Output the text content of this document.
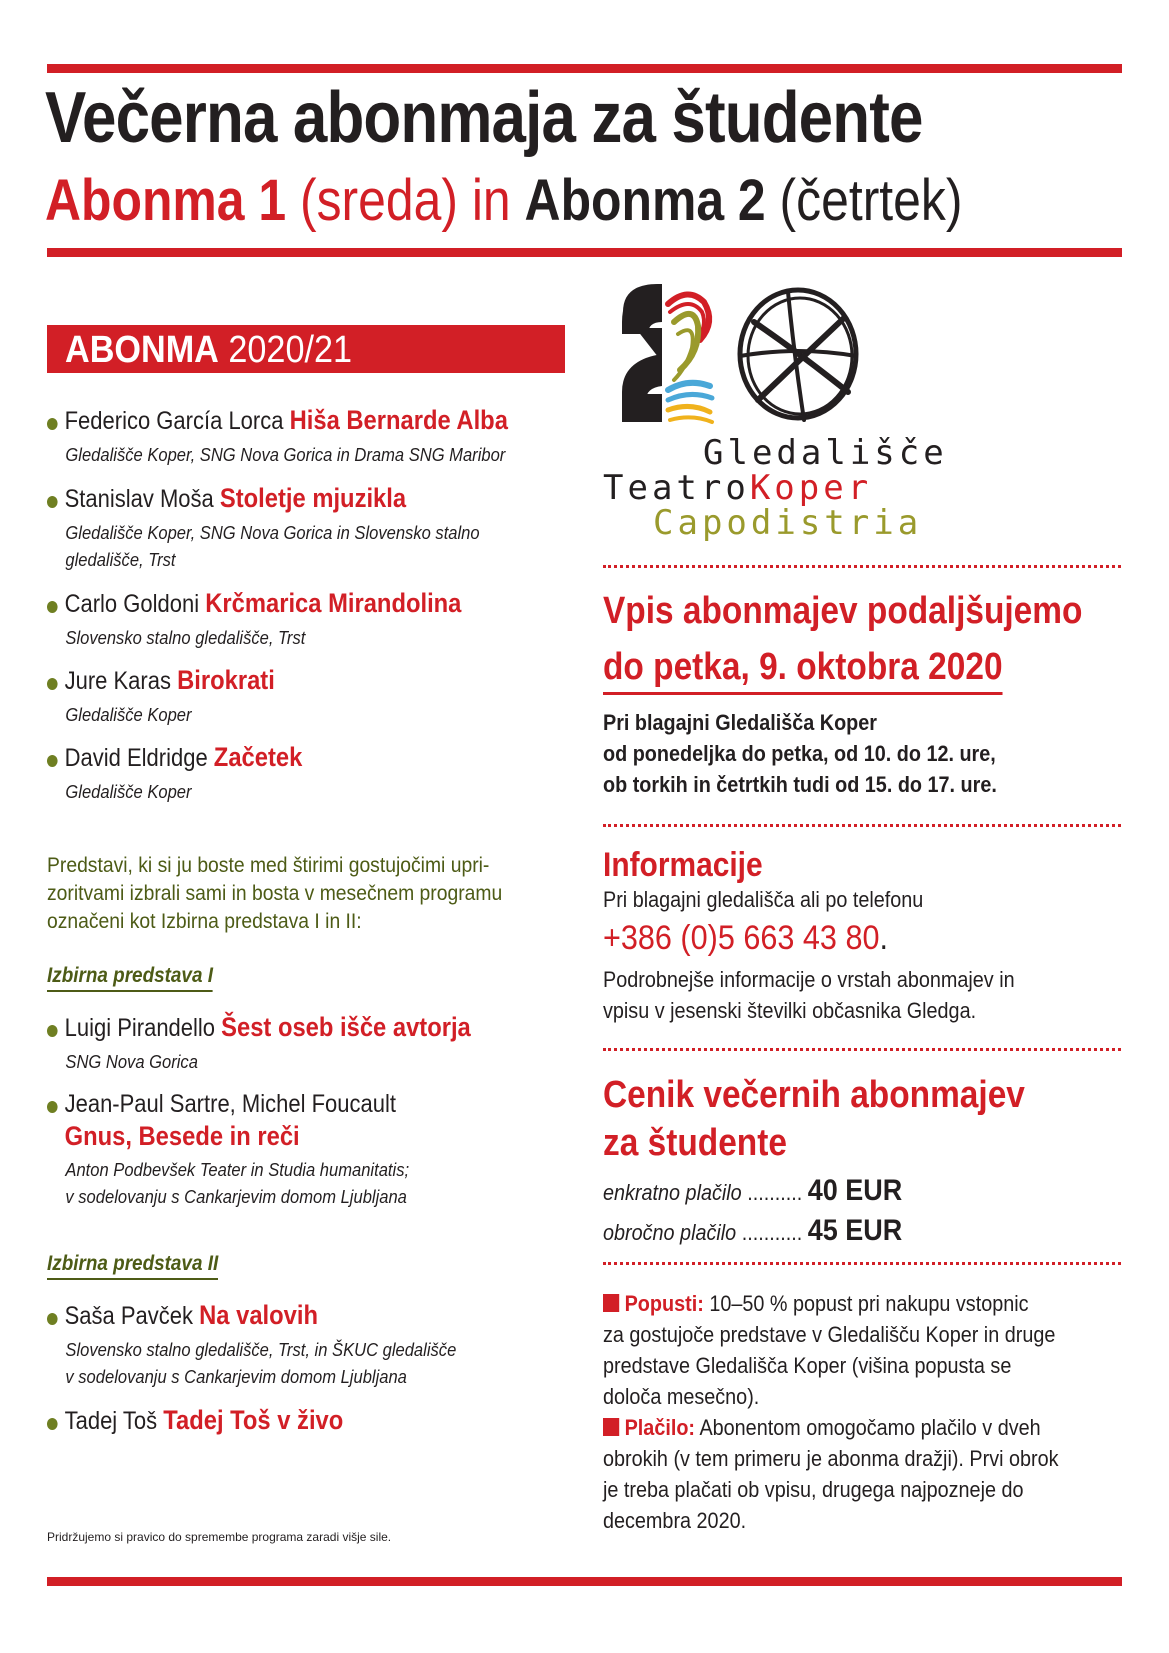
Večerna abonmaja za študente
Abonma 1 (sreda) in Abonma 2 (četrtek)
ABONMA 2020/21
Federico García Lorca Hiša Bernarde Alba
Gledališče Koper, SNG Nova Gorica in Drama SNG Maribor
Stanislav Moša Stoletje mjuzikla
Gledališče Koper, SNG Nova Gorica in Slovensko stalno
gledališče, Trst
Carlo Goldoni Krčmarica Mirandolina
Slovensko stalno gledališče, Trst
Jure Karas Birokrati
Gledališče Koper
David Eldridge Začetek
Gledališče Koper
Predstavi, ki si ju boste med štirimi gostujočimi upri-
zoritvami izbrali sami in bosta v mesečnem programu
označeni kot Izbirna predstava I in II:
Izbirna predstava I
Luigi Pirandello Šest oseb išče avtorja
SNG Nova Gorica
Jean-Paul Sartre, Michel Foucault
Gnus, Besede in reči
Anton Podbevšek Teater in Studia humanitatis;
v sodelovanju s Cankarjevim domom Ljubljana
Izbirna predstava II
Saša Pavček Na valovih
Slovensko stalno gledališče, Trst, in ŠKUC gledališče
v sodelovanju s Cankarjevim domom Ljubljana
Tadej Toš Tadej Toš v živo
Pridržujemo si pravico do spremembe programa zaradi višje sile.
Gledališče
TeatroKoper
Capodistria
Vpis abonmajev podaljšujemo
do petka, 9. oktobra 2020
Pri blagajni Gledališča Koper
od ponedeljka do petka, od 10. do 12. ure,
ob torkih in četrtkih tudi od 15. do 17. ure.
Informacije
Pri blagajni gledališča ali po telefonu
+386 (0)5 663 43 80.
Podrobnejše informacije o vrstah abonmajev in
vpisu v jesenski številki občasnika Gledga.
Cenik večernih abonmajev
za študente
enkratno plačilo .......... 40 EUR
obročno plačilo ........... 45 EUR
Popusti: 10–50 % popust pri nakupu vstopnic
za gostujoče predstave v Gledališču Koper in druge
predstave Gledališča Koper (višina popusta se
določa mesečno).
Plačilo: Abonentom omogočamo plačilo v dveh
obrokih (v tem primeru je abonma dražji). Prvi obrok
je treba plačati ob vpisu, drugega najpozneje do
decembra 2020.
